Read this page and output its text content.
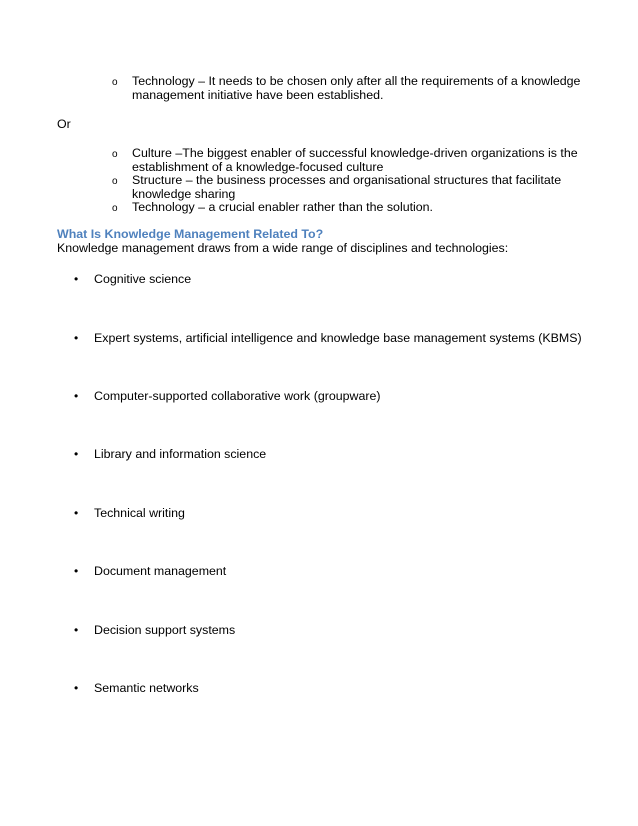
o Technology – It needs to be chosen only after all the requirements of a knowledge management initiative have been established.
Or
o Culture –The biggest enabler of successful knowledge-driven organizations is the establishment of a knowledge-focused culture
o Structure – the business processes and organisational structures that facilitate knowledge sharing
o Technology – a crucial enabler rather than the solution.
What Is Knowledge Management Related To?
Knowledge management draws from a wide range of disciplines and technologies:
• Cognitive science
• Expert systems, artificial intelligence and knowledge base management systems (KBMS)
• Computer-supported collaborative work (groupware)
• Library and information science
• Technical writing
• Document management
• Decision support systems
• Semantic networks
